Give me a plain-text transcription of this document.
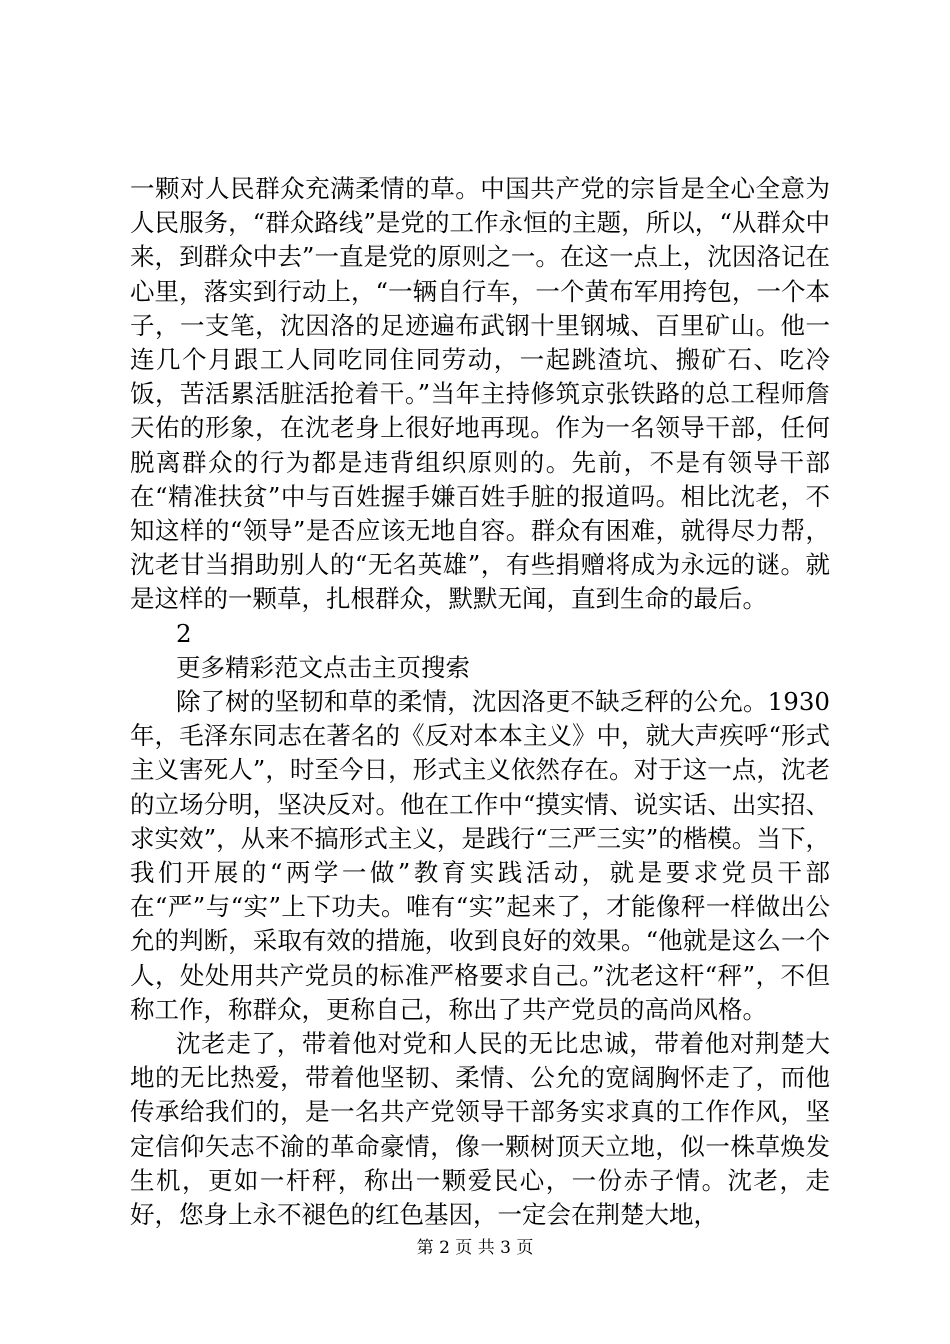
一颗对人民群众充满柔情的草。中国共产党的宗旨是全心全意为人民服务，“群众路线”是党的工作永恒的主题，所以，“从群众中来，到群众中去”一直是党的原则之一。在这一点上，沈因洛记在心里，落实到行动上，“一辆自行车，一个黄布军用挎包，一个本子，一支笔，沈因洛的足迹遍布武钢十里钢城、百里矿山。他一连几个月跟工人同吃同住同劳动，一起跳渣坑、搬矿石、吃冷饭，苦活累活脏活抢着干。”当年主持修筑京张铁路的总工程师詹天佑的形象，在沈老身上很好地再现。作为一名领导干部，任何脱离群众的行为都是违背组织原则的。先前，不是有领导干部在“精准扶贫”中与百姓握手嫌百姓手脏的报道吗。相比沈老，不知这样的“领导”是否应该无地自容。群众有困难，就得尽力帮，沈老甘当捐助别人的“无名英雄”，有些捐赠将成为永远的谜。就是这样的一颗草，扎根群众，默默无闻，直到生命的最后。

2

更多精彩范文点击主页搜索

除了树的坚韧和草的柔情，沈因洛更不缺乏秤的公允。1930年，毛泽东同志在著名的《反对本本主义》中，就大声疾呼“形式主义害死人”，时至今日，形式主义依然存在。对于这一点，沈老的立场分明，坚决反对。他在工作中“摸实情、说实话、出实招、求实效”，从来不搞形式主义，是践行“三严三实”的楷模。当下，我们开展的“两学一做”教育实践活动，就是要求党员干部在“严”与“实”上下功夫。唯有“实”起来了，才能像秤一样做出公允的判断，采取有效的措施，收到良好的效果。“他就是这么一个人，处处用共产党员的标准严格要求自己。”沈老这杆“秤”，不但称工作，称群众，更称自己，称出了共产党员的高尚风格。

沈老走了，带着他对党和人民的无比忠诚，带着他对荆楚大地的无比热爱，带着他坚韧、柔情、公允的宽阔胸怀走了，而他传承给我们的，是一名共产党领导干部务实求真的工作作风，坚定信仰矢志不渝的革命豪情，像一颗树顶天立地，似一株草焕发生机，更如一杆秤，称出一颗爱民心，一份赤子情。沈老，走好，您身上永不褪色的红色基因，一定会在荆楚大地，

第 2 页 共 3 页
